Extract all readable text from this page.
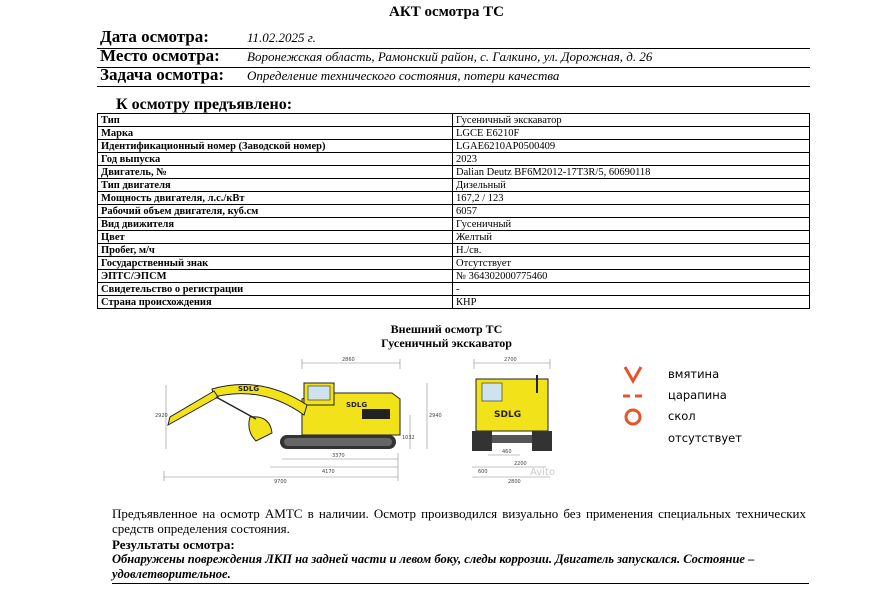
АКТ осмотра ТС
Дата осмотра:	11.02.2025 г.
Место осмотра: Воронежская область, Рамонский район, с. Галкино, ул. Дорожная, д. 26
Задача осмотра: Определение технического состояния, потери качества
К осмотру предъявлено:
Тип	Гусеничный экскаватор
Марка	LGCE E6210F
Идентификационный номер (Заводской номер)	LGAE6210AP0500409
Год выпуска	2023
Двигатель, №	Dalian Deutz BF6M2012-17T3R/5, 60690118
Тип двигателя	Дизельный
Мощность двигателя, л.с./кВт	167,2 / 123
Рабочий объем двигателя, куб.см	6057
Вид движителя	Гусеничный
Цвет	Желтый
Пробег, м/ч	Н./св.
Государственный знак	Отсутствует
ЭПТС/ЭПСМ	№ 364302000775460
Свидетельство о регистрации	-
Страна происхождения	КНР
Внешний осмотр ТС
Гусеничный экскаватор
2860
2920	2940
1032
3370
4170
9700
SDLG
SDLG
2700
460
600
2200
2800
SDLG
Avito
вмятина
царапина
скол
отсутствует
Предъявленное на осмотр АМТС в наличии. Осмотр производился визуально без применения специальных технических средств определения состояния.
Результаты осмотра:
Обнаружены повреждения ЛКП на задней части и левом боку, следы коррозии. Двигатель запускался. Состояние – удовлетворительное.
